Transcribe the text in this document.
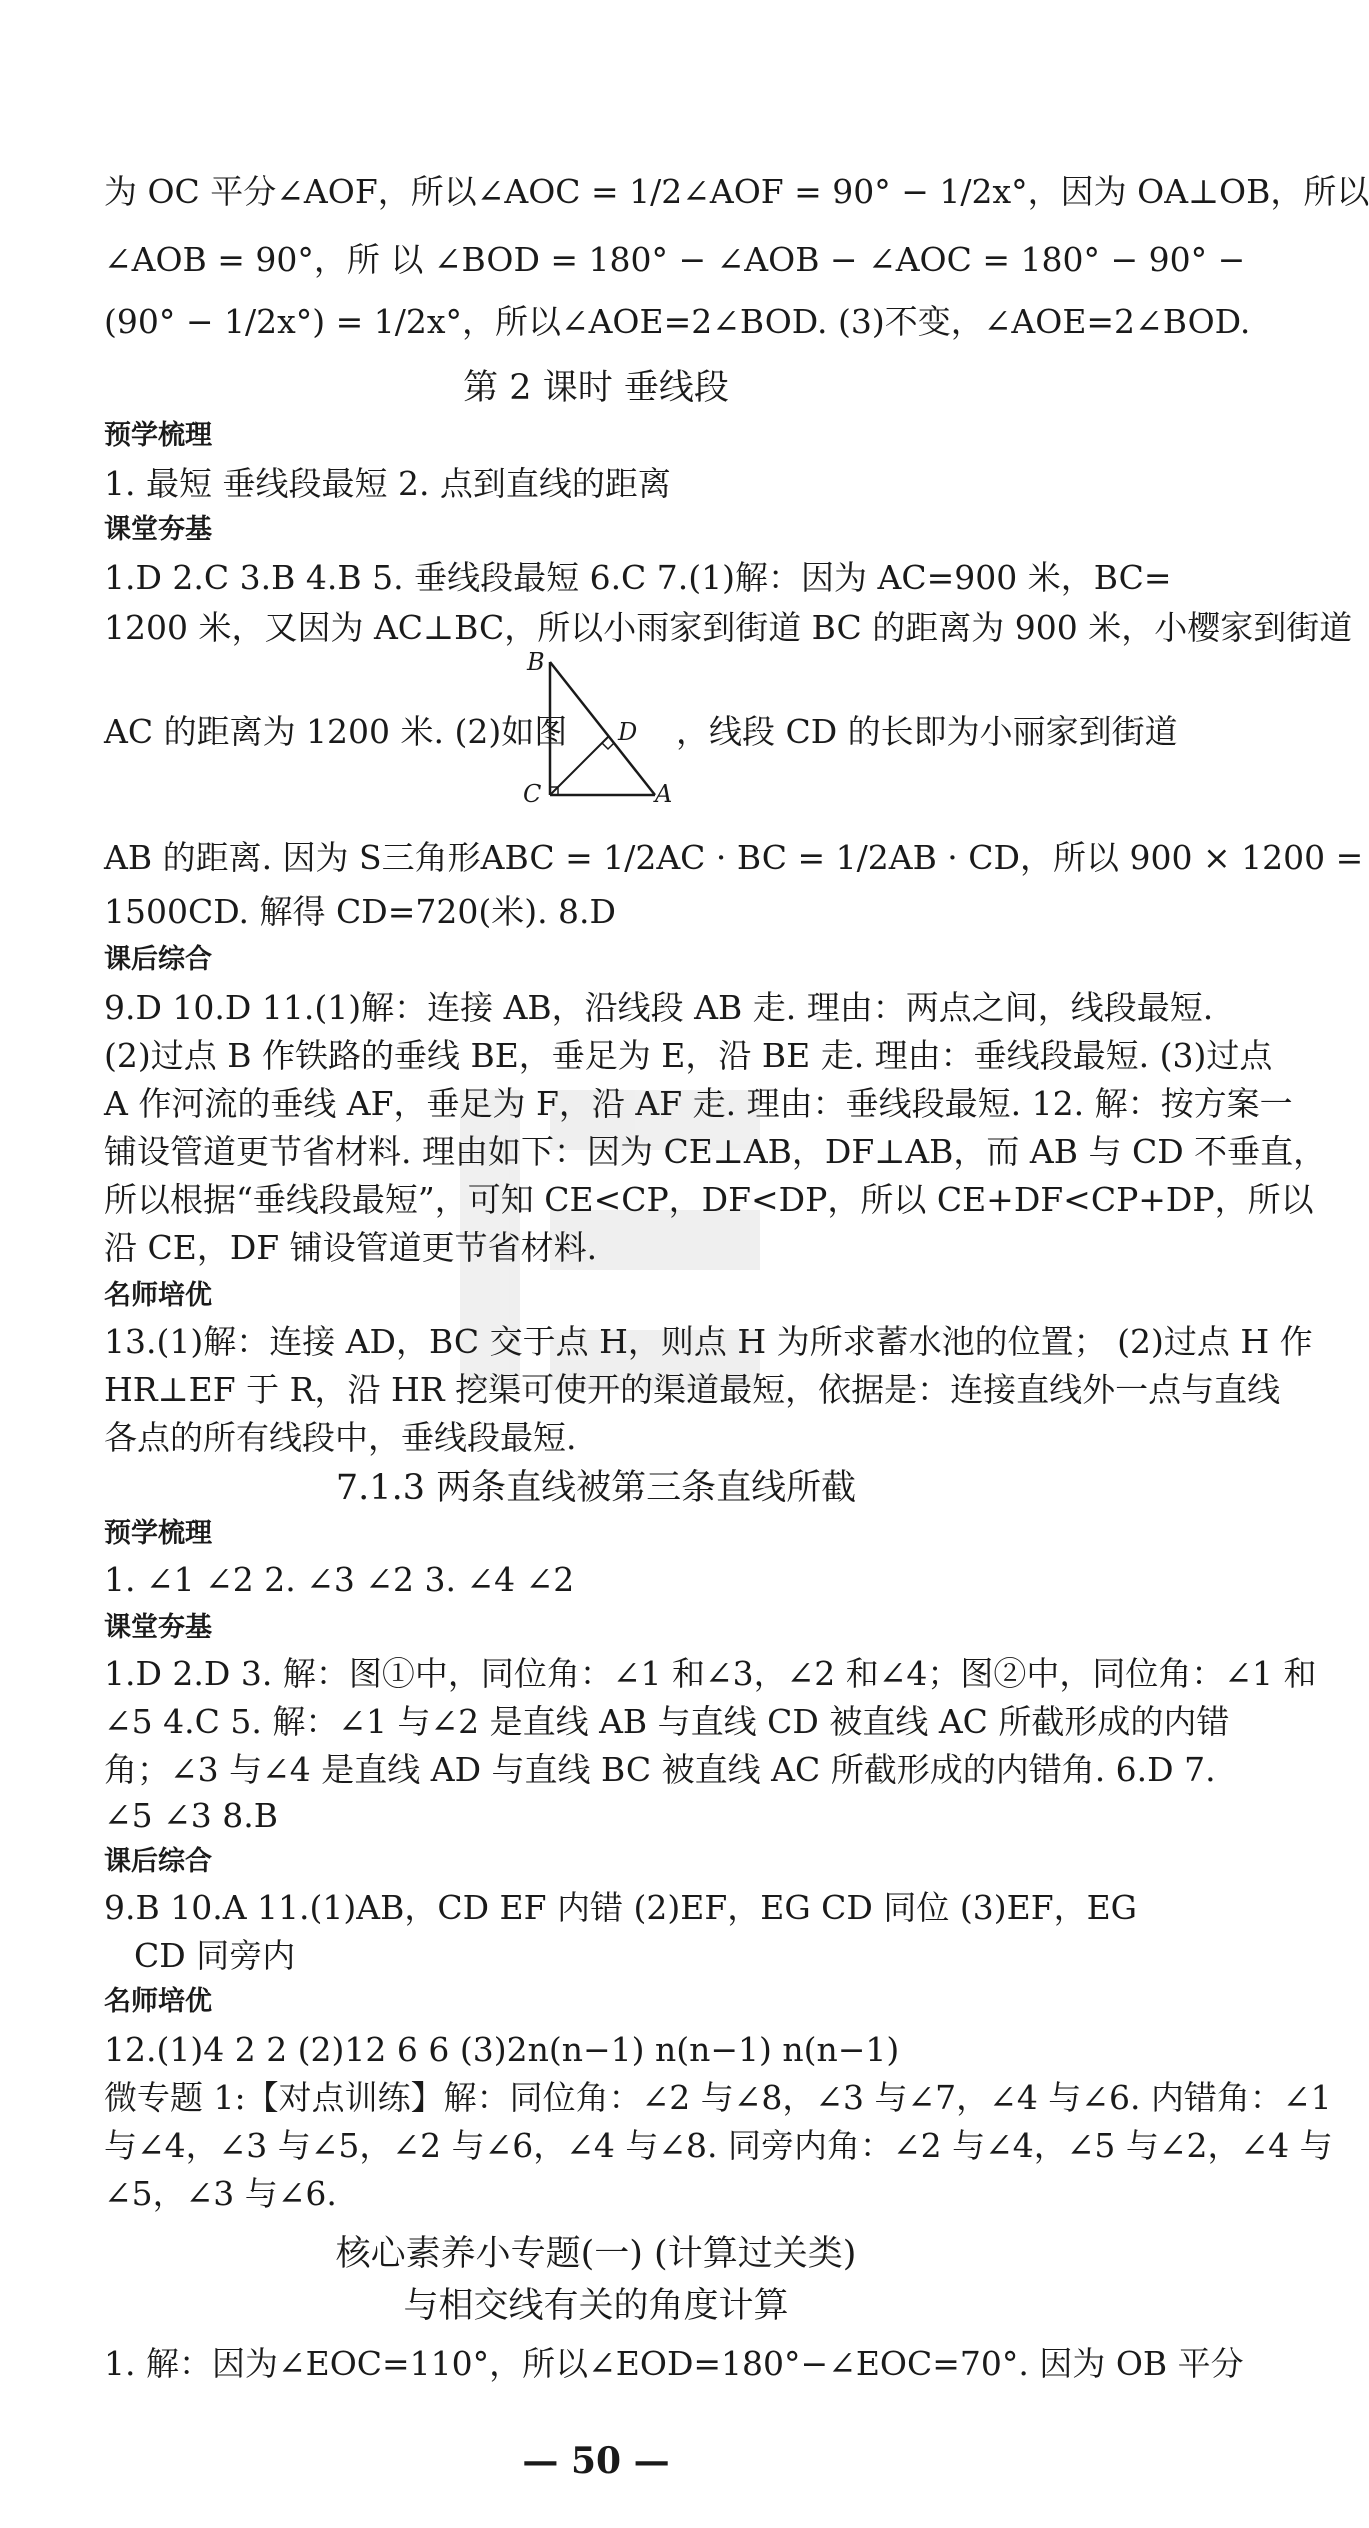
为 OC 平分∠AOF，所以∠AOC = 1/2∠AOF = 90° − 1/2x°，因为 OA⊥OB，所以
∠AOB = 90°，所 以 ∠BOD = 180° − ∠AOB − ∠AOC = 180° − 90° −
(90° − 1/2x°) = 1/2x°，所以∠AOE=2∠BOD. (3)不变，∠AOE=2∠BOD.
第 2 课时 垂线段
预学梳理
1. 最短 垂线段最短 2. 点到直线的距离
课堂夯基
1.D 2.C 3.B 4.B 5. 垂线段最短 6.C 7.(1)解：因为 AC=900 米，BC=
1200 米，又因为 AC⊥BC，所以小雨家到街道 BC 的距离为 900 米，小樱家到街道
AC 的距离为 1200 米. (2)如图
B
D
C	A
，线段 CD 的长即为小丽家到街道
AB 的距离. 因为 S三角形ABC = 1/2AC · BC = 1/2AB · CD，所以 900 × 1200 =
1500CD. 解得 CD=720(米). 8.D
课后综合
9.D 10.D 11.(1)解：连接 AB，沿线段 AB 走. 理由：两点之间，线段最短.
(2)过点 B 作铁路的垂线 BE，垂足为 E，沿 BE 走. 理由：垂线段最短. (3)过点
A 作河流的垂线 AF，垂足为 F，沿 AF 走. 理由：垂线段最短. 12. 解：按方案一
铺设管道更节省材料. 理由如下：因为 CE⊥AB，DF⊥AB，而 AB 与 CD 不垂直，
所以根据“垂线段最短”，可知 CE<CP，DF<DP，所以 CE+DF<CP+DP，所以
沿 CE，DF 铺设管道更节省材料.
名师培优
13.(1)解：连接 AD，BC 交于点 H，则点 H 为所求蓄水池的位置； (2)过点 H 作
HR⊥EF 于 R，沿 HR 挖渠可使开的渠道最短，依据是：连接直线外一点与直线
各点的所有线段中，垂线段最短.
7.1.3 两条直线被第三条直线所截
预学梳理
1. ∠1 ∠2 2. ∠3 ∠2 3. ∠4 ∠2
课堂夯基
1.D 2.D 3. 解：图①中，同位角：∠1 和∠3，∠2 和∠4；图②中，同位角：∠1 和
∠5 4.C 5. 解：∠1 与∠2 是直线 AB 与直线 CD 被直线 AC 所截形成的内错
角；∠3 与∠4 是直线 AD 与直线 BC 被直线 AC 所截形成的内错角. 6.D 7.
∠5 ∠3 8.B
课后综合
9.B 10.A 11.(1)AB，CD EF 内错 (2)EF，EG CD 同位 (3)EF，EG
CD 同旁内
名师培优
12.(1)4 2 2 (2)12 6 6 (3)2n(n−1) n(n−1) n(n−1)
微专题 1:【对点训练】解：同位角：∠2 与∠8，∠3 与∠7，∠4 与∠6. 内错角：∠1
与∠4，∠3 与∠5，∠2 与∠6，∠4 与∠8. 同旁内角：∠2 与∠4，∠5 与∠2，∠4 与
∠5，∠3 与∠6.
核心素养小专题(一) (计算过关类)
与相交线有关的角度计算
1. 解：因为∠EOC=110°，所以∠EOD=180°−∠EOC=70°. 因为 OB 平分
— 50 —
